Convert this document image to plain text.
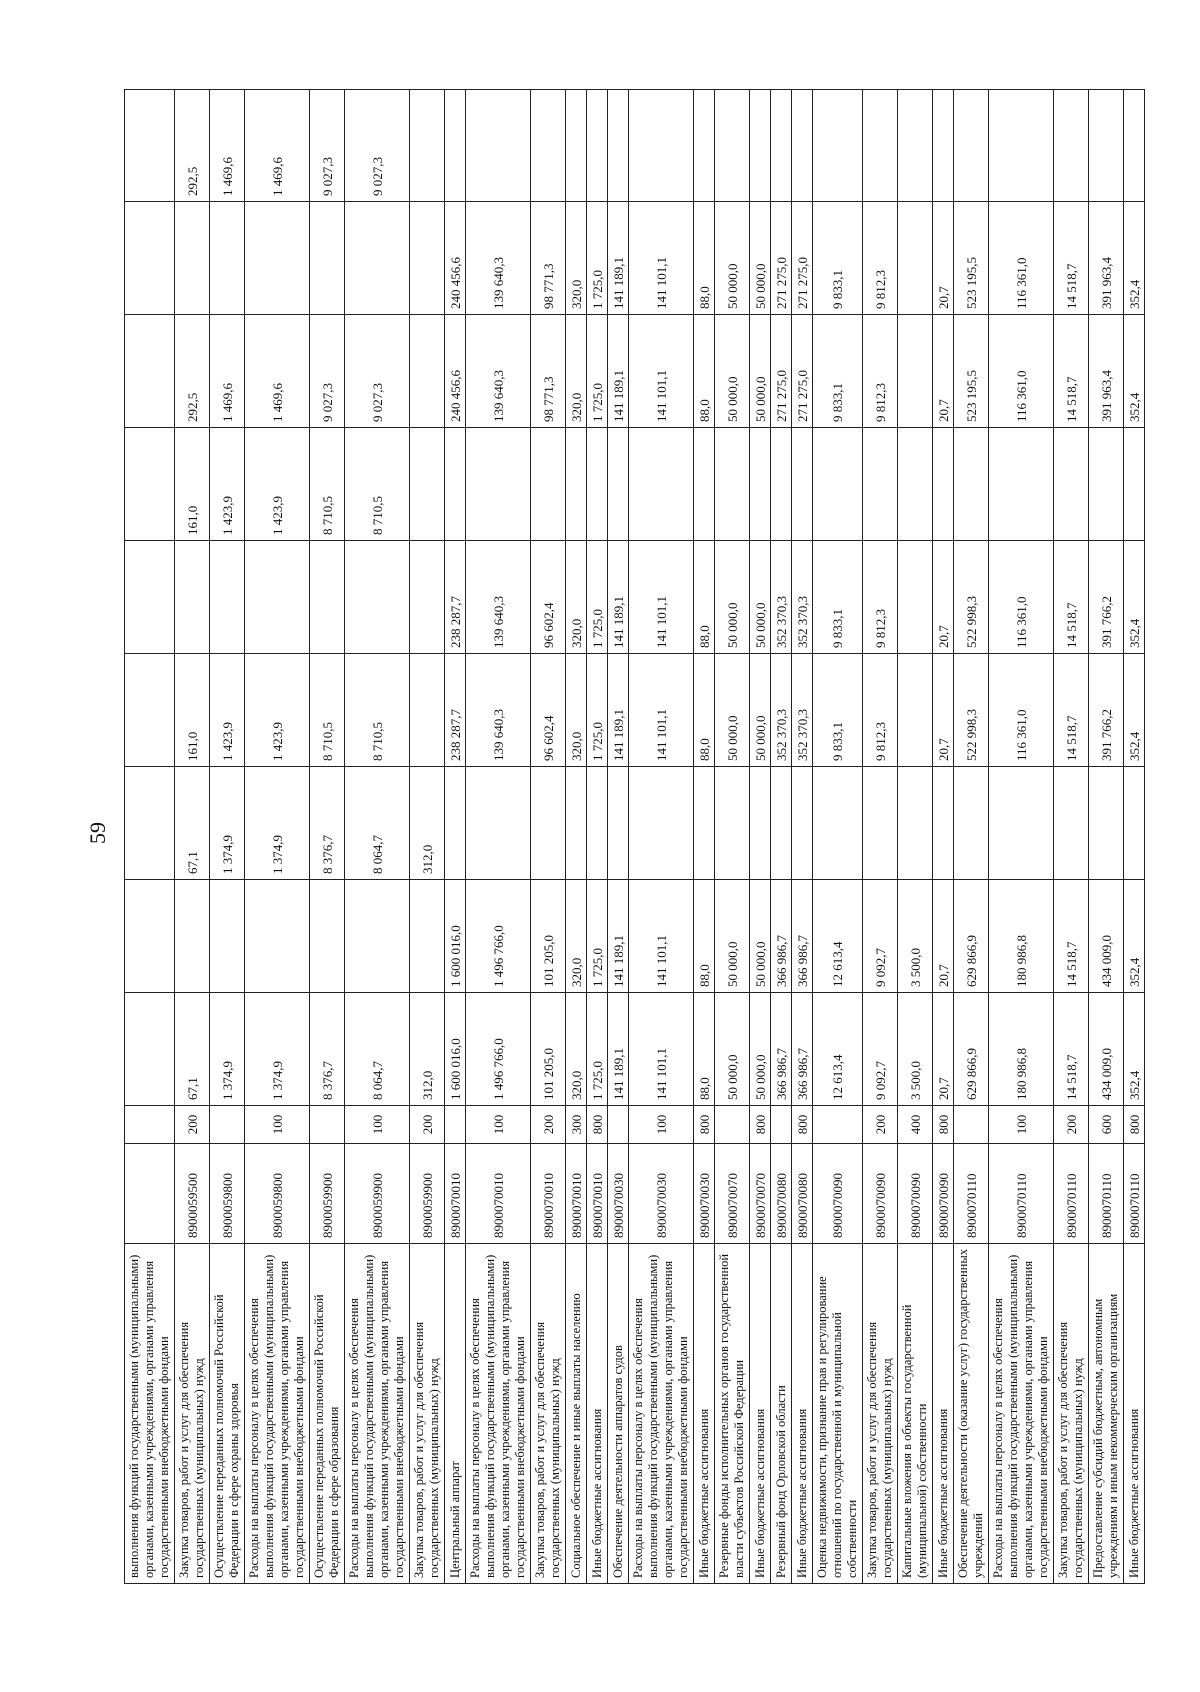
59
выполнения функций государственными (муниципальными) органами, казенными учреждениями, органами управления государственными внебюджетными фондами											
Закупка товаров, работ и услуг для обеспечения государственных (муниципальных) нужд	8900059500	200	67,1		67,1	161,0		161,0	292,5		292,5
Осуществление переданных полномочий Российской Федерации в сфере охраны здоровья	8900059800		1 374,9		1 374,9	1 423,9		1 423,9	1 469,6		1 469,6
Расходы на выплаты персоналу в целях обеспечения выполнения функций государственными (муниципальными) органами, казенными учреждениями, органами управления государственными внебюджетными фондами	8900059800	100	1 374,9		1 374,9	1 423,9		1 423,9	1 469,6		1 469,6
Осуществление переданных полномочий Российской Федерации в сфере образования	8900059900		8 376,7		8 376,7	8 710,5		8 710,5	9 027,3		9 027,3
Расходы на выплаты персоналу в целях обеспечения выполнения функций государственными (муниципальными) органами, казенными учреждениями, органами управления государственными внебюджетными фондами	8900059900	100	8 064,7		8 064,7	8 710,5		8 710,5	9 027,3		9 027,3
Закупка товаров, работ и услуг для обеспечения государственных (муниципальных) нужд	8900059900	200	312,0		312,0						
Центральный аппарат	8900070010		1 600 016,0	1 600 016,0		238 287,7	238 287,7		240 456,6	240 456,6	
Расходы на выплаты персоналу в целях обеспечения выполнения функций государственными (муниципальными) органами, казенными учреждениями, органами управления государственными внебюджетными фондами	8900070010	100	1 496 766,0	1 496 766,0		139 640,3	139 640,3		139 640,3	139 640,3	
Закупка товаров, работ и услуг для обеспечения государственных (муниципальных) нужд	8900070010	200	101 205,0	101 205,0		96 602,4	96 602,4		98 771,3	98 771,3	
Социальное обеспечение и иные выплаты населению	8900070010	300	320,0	320,0		320,0	320,0		320,0	320,0	
Иные бюджетные ассигнования	8900070010	800	1 725,0	1 725,0		1 725,0	1 725,0		1 725,0	1 725,0	
Обеспечение деятельности аппаратов судов	8900070030		141 189,1	141 189,1		141 189,1	141 189,1		141 189,1	141 189,1	
Расходы на выплаты персоналу в целях обеспечения выполнения функций государственными (муниципальными) органами, казенными учреждениями, органами управления государственными внебюджетными фондами	8900070030	100	141 101,1	141 101,1		141 101,1	141 101,1		141 101,1	141 101,1	
Иные бюджетные ассигнования	8900070030	800	88,0	88,0		88,0	88,0		88,0	88,0	
Резервные фонды исполнительных органов государственной власти субъектов Российской Федерации	8900070070		50 000,0	50 000,0		50 000,0	50 000,0		50 000,0	50 000,0	
Иные бюджетные ассигнования	8900070070	800	50 000,0	50 000,0		50 000,0	50 000,0		50 000,0	50 000,0	
Резервный фонд Орловской области	8900070080		366 986,7	366 986,7		352 370,3	352 370,3		271 275,0	271 275,0	
Иные бюджетные ассигнования	8900070080	800	366 986,7	366 986,7		352 370,3	352 370,3		271 275,0	271 275,0	
Оценка недвижимости, признание прав и регулирование отношений по государственной и муниципальной собственности	8900070090		12 613,4	12 613,4		9 833,1	9 833,1		9 833,1	9 833,1	
Закупка товаров, работ и услуг для обеспечения государственных (муниципальных) нужд	8900070090	200	9 092,7	9 092,7		9 812,3	9 812,3		9 812,3	9 812,3	
Капитальные вложения в объекты государственной (муниципальной) собственности	8900070090	400	3 500,0	3 500,0							
Иные бюджетные ассигнования	8900070090	800	20,7	20,7		20,7	20,7		20,7	20,7	
Обеспечение деятельности (оказание услуг) государственных учреждений	8900070110		629 866,9	629 866,9		522 998,3	522 998,3		523 195,5	523 195,5	
Расходы на выплаты персоналу в целях обеспечения выполнения функций государственными (муниципальными) органами, казенными учреждениями, органами управления государственными внебюджетными фондами	8900070110	100	180 986,8	180 986,8		116 361,0	116 361,0		116 361,0	116 361,0	
Закупка товаров, работ и услуг для обеспечения государственных (муниципальных) нужд	8900070110	200	14 518,7	14 518,7		14 518,7	14 518,7		14 518,7	14 518,7	
Предоставление субсидий бюджетным, автономным учреждениям и иным некоммерческим организациям	8900070110	600	434 009,0	434 009,0		391 766,2	391 766,2		391 963,4	391 963,4	
Иные бюджетные ассигнования	8900070110	800	352,4	352,4		352,4	352,4		352,4	352,4	
